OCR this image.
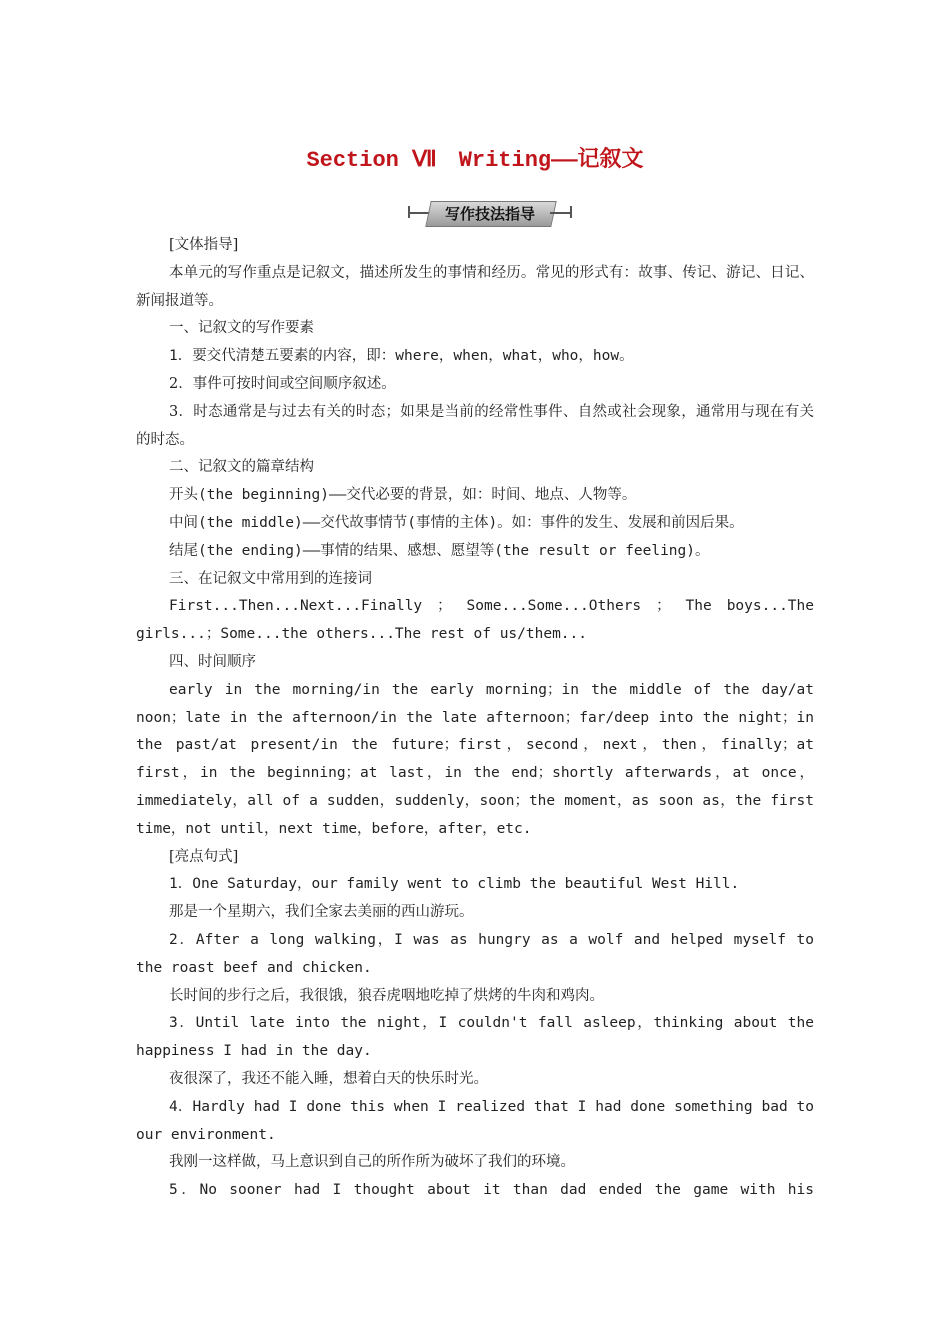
Section Ⅶ　Writing——记叙文
写作技法指导

[文体指导]

本单元的写作重点是记叙文，描述所发生的事情和经历。常见的形式有：故事、传记、游记、日记、新闻报道等。

一、记叙文的写作要素

1．要交代清楚五要素的内容，即：where，when，what，who，how。

2．事件可按时间或空间顺序叙述。

3．时态通常是与过去有关的时态；如果是当前的经常性事件、自然或社会现象，通常用与现在有关的时态。

二、记叙文的篇章结构

开头(the beginning)——交代必要的背景，如：时间、地点、人物等。

中间(the middle)——交代故事情节(事情的主体)。如：事件的发生、发展和前因后果。

结尾(the ending)——事情的结果、感想、愿望等(the result or feeling)。

三、在记叙文中常用到的连接词

First...Then...Next...Finally ； Some...Some...Others ； The boys...The girls...；Some...the others...The rest of us/them...

四、时间顺序

early in the morning/in the early morning；in the middle of the day/at noon；late in the afternoon/in the late afternoon；far/deep into the night；in the past/at present/in the future；first，second，next，then，finally；at first，in the beginning；at last，in the end；shortly afterwards，at once，immediately，all of a sudden，suddenly，soon；the moment，as soon as，the first time，not until，next time，before，after，etc.

[亮点句式]

1．One Saturday，our family went to climb the beautiful West Hill.

那是一个星期六，我们全家去美丽的西山游玩。

2．After a long walking，I was as hungry as a wolf and helped myself to the roast beef and chicken.

长时间的步行之后，我很饿，狼吞虎咽地吃掉了烘烤的牛肉和鸡肉。

3．Until late into the night，I couldn't fall asleep，thinking about the happiness I had in the day.

夜很深了，我还不能入睡，想着白天的快乐时光。

4．Hardly had I done this when I realized that I had done something bad to our environment.

我刚一这样做，马上意识到自己的所作所为破坏了我们的环境。

5．No sooner had I thought about it than dad ended the game with his
